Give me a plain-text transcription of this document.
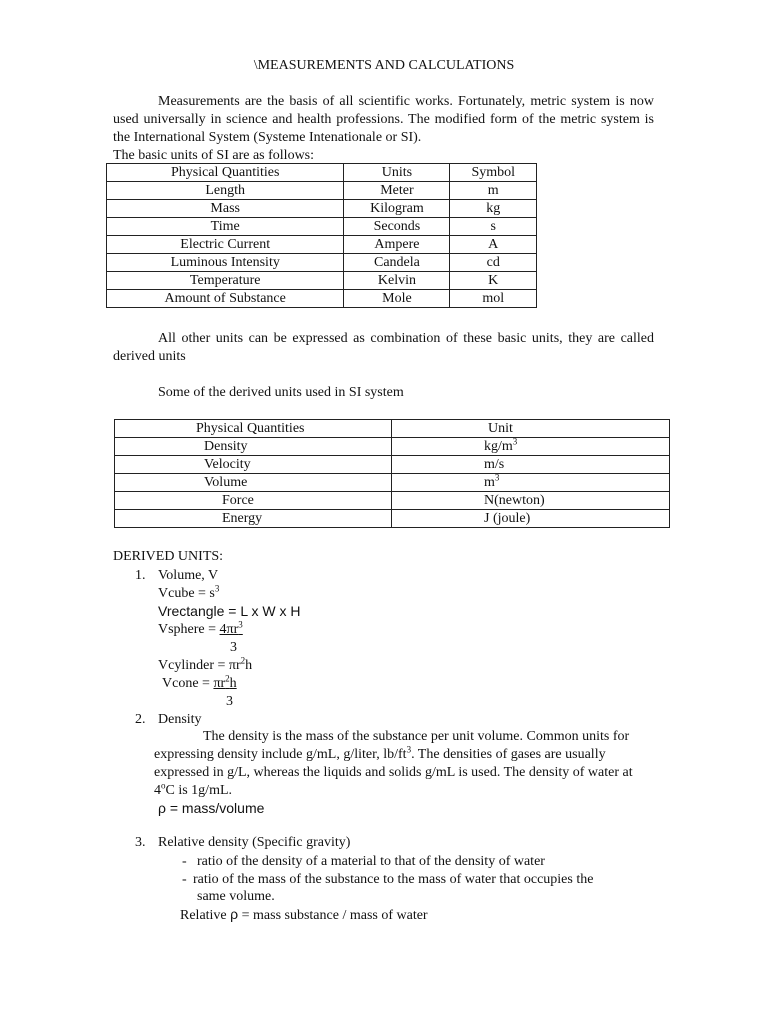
\MEASUREMENTS AND CALCULATIONS
Measurements are the basis of all scientific works. Fortunately, metric system is now used universally in science and health professions. The modified form of the metric system is the International System (Systeme Intenationale or SI).
The basic units of SI are as follows:
Physical Quantities	Units	Symbol
Length	Meter	m
Mass	Kilogram	kg
Time	Seconds	s
Electric Current	Ampere	A
Luminous Intensity	Candela	cd
Temperature	Kelvin	K
Amount of Substance	Mole	mol
All other units can be expressed as combination of these basic units, they are called derived units
Some of the derived units used in SI system
Physical Quantities	Unit
Density	$kg/m^3$
Velocity	m/s
Volume	$m^3$
Force	N(newton)
Energy	J (joule)
DERIVED UNITS:
1. Volume, V
Vcube = $s^3$
Vrectangle = L x W x H
Vsphere = $4\pi r^3$
3
Vcylinder = $\pi r^2h$
Vcone = $\pi r^2h$
3
2. Density
The density is the mass of the substance per unit volume. Common units for expressing density include g/mL, g/liter, $lb/ft^3$. The densities of gases are usually expressed in g/L, whereas the liquids and solids g/mL is used. The density of water at 4$^o$C is 1g/mL.
ρ = mass/volume
3. Relative density (Specific gravity)
- ratio of the density of a material to that of the density of water
- ratio of the mass of the substance to the mass of water that occupies the
same volume.
Relative ρ = mass substance / mass of water
